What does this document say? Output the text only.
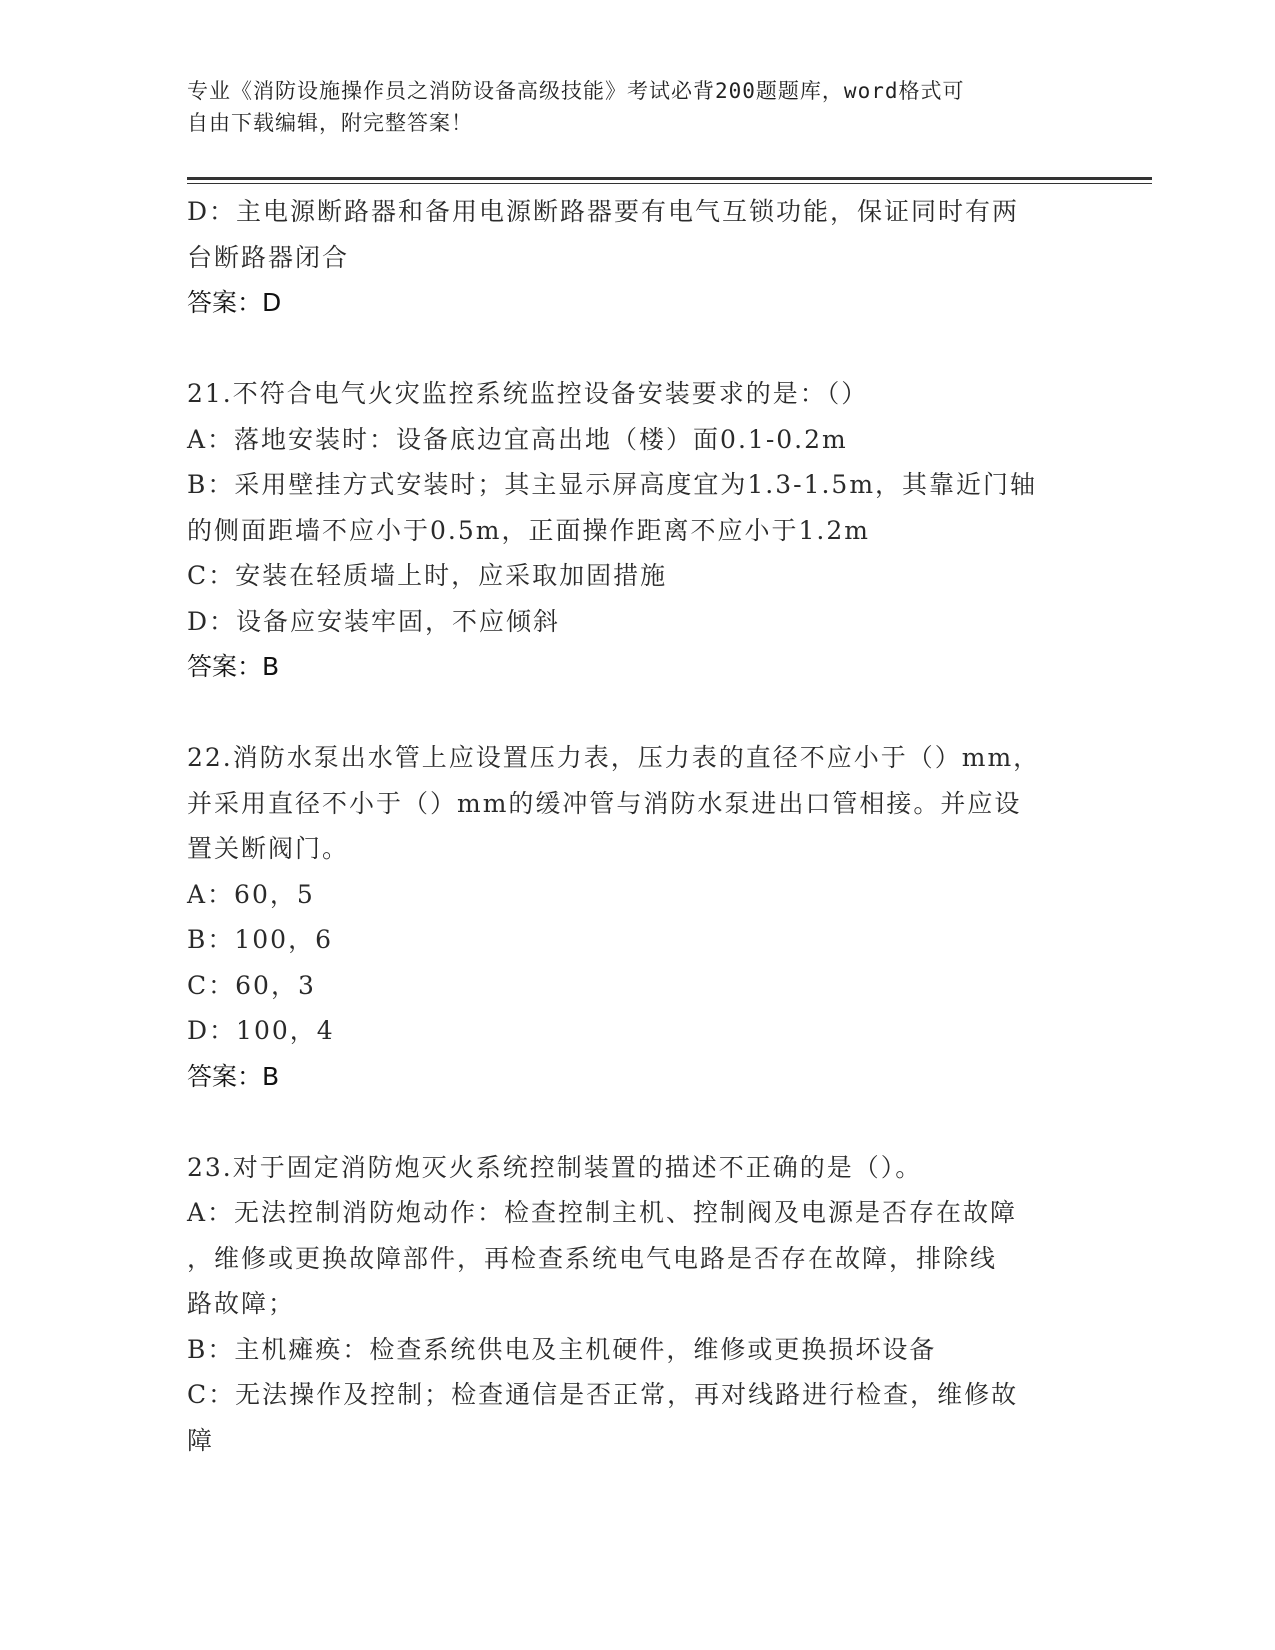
专业《消防设施操作员之消防设备高级技能》考试必背200题题库，word格式可
自由下载编辑，附完整答案！
D：主电源断路器和备用电源断路器要有电气互锁功能，保证同时有两
台断路器闭合
答案：D
21.不符合电气火灾监控系统监控设备安装要求的是：（）
A：落地安装时：设备底边宜高出地（楼）面0.1-0.2m
B：采用壁挂方式安装时；其主显示屏高度宜为1.3-1.5m，其靠近门轴
的侧面距墙不应小于0.5m，正面操作距离不应小于1.2m
C：安装在轻质墙上时，应采取加固措施
D：设备应安装牢固，不应倾斜
答案：B
22.消防水泵出水管上应设置压力表，压力表的直径不应小于（）mm，
并采用直径不小于（）mm的缓冲管与消防水泵进出口管相接。并应设
置关断阀门。
A：60，5
B：100，6
C：60，3
D：100，4
答案：B
23.对于固定消防炮灭火系统控制装置的描述不正确的是（）。
A：无法控制消防炮动作：检查控制主机、控制阀及电源是否存在故障
，维修或更换故障部件，再检查系统电气电路是否存在故障，排除线
路故障；
B：主机瘫痪：检查系统供电及主机硬件，维修或更换损坏设备
C：无法操作及控制；检查通信是否正常，再对线路进行检查，维修故
障
